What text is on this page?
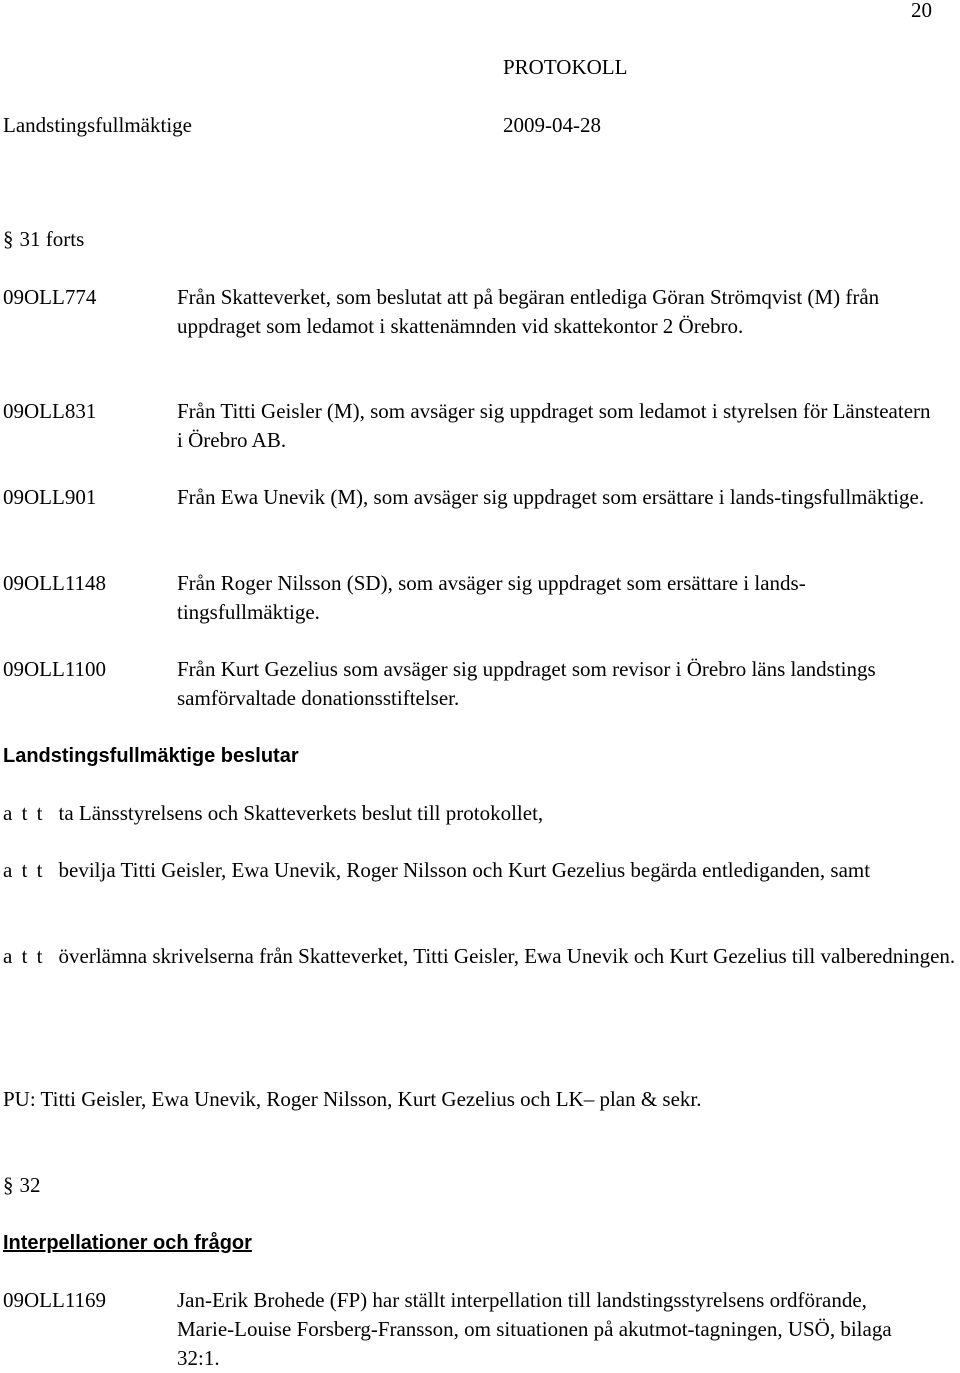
20
PROTOKOLL
Landstingsfullmäktige	2009-04-28
§ 31 forts
09OLL774	Från Skatteverket, som beslutat att på begäran entlediga Göran Strömqvist (M) från uppdraget som ledamot i skattenämnden vid skattekontor 2 Örebro.
09OLL831	Från Titti Geisler (M), som avsäger sig uppdraget som ledamot i styrelsen för Länsteatern i Örebro AB.
09OLL901	Från Ewa Unevik (M), som avsäger sig uppdraget som ersättare i lands-tingsfullmäktige.
09OLL1148	Från Roger Nilsson (SD), som avsäger sig uppdraget som ersättare i lands-tingsfullmäktige.
09OLL1100	Från Kurt Gezelius som avsäger sig uppdraget som revisor i Örebro läns landstings samförvaltade donationsstiftelser.
Landstingsfullmäktige beslutar
a t t ta Länsstyrelsens och Skatteverkets beslut till protokollet,
a t t bevilja Titti Geisler, Ewa Unevik, Roger Nilsson och Kurt Gezelius begärda entlediganden, samt
a t t överlämna skrivelserna från Skatteverket, Titti Geisler, Ewa Unevik och Kurt Gezelius till valberedningen.
PU: Titti Geisler, Ewa Unevik, Roger Nilsson, Kurt Gezelius och LK– plan & sekr.
§ 32
Interpellationer och frågor
09OLL1169	Jan-Erik Brohede (FP) har ställt interpellation till landstingsstyrelsens ordförande, Marie-Louise Forsberg-Fransson, om situationen på akutmot-tagningen, USÖ, bilaga 32:1.
